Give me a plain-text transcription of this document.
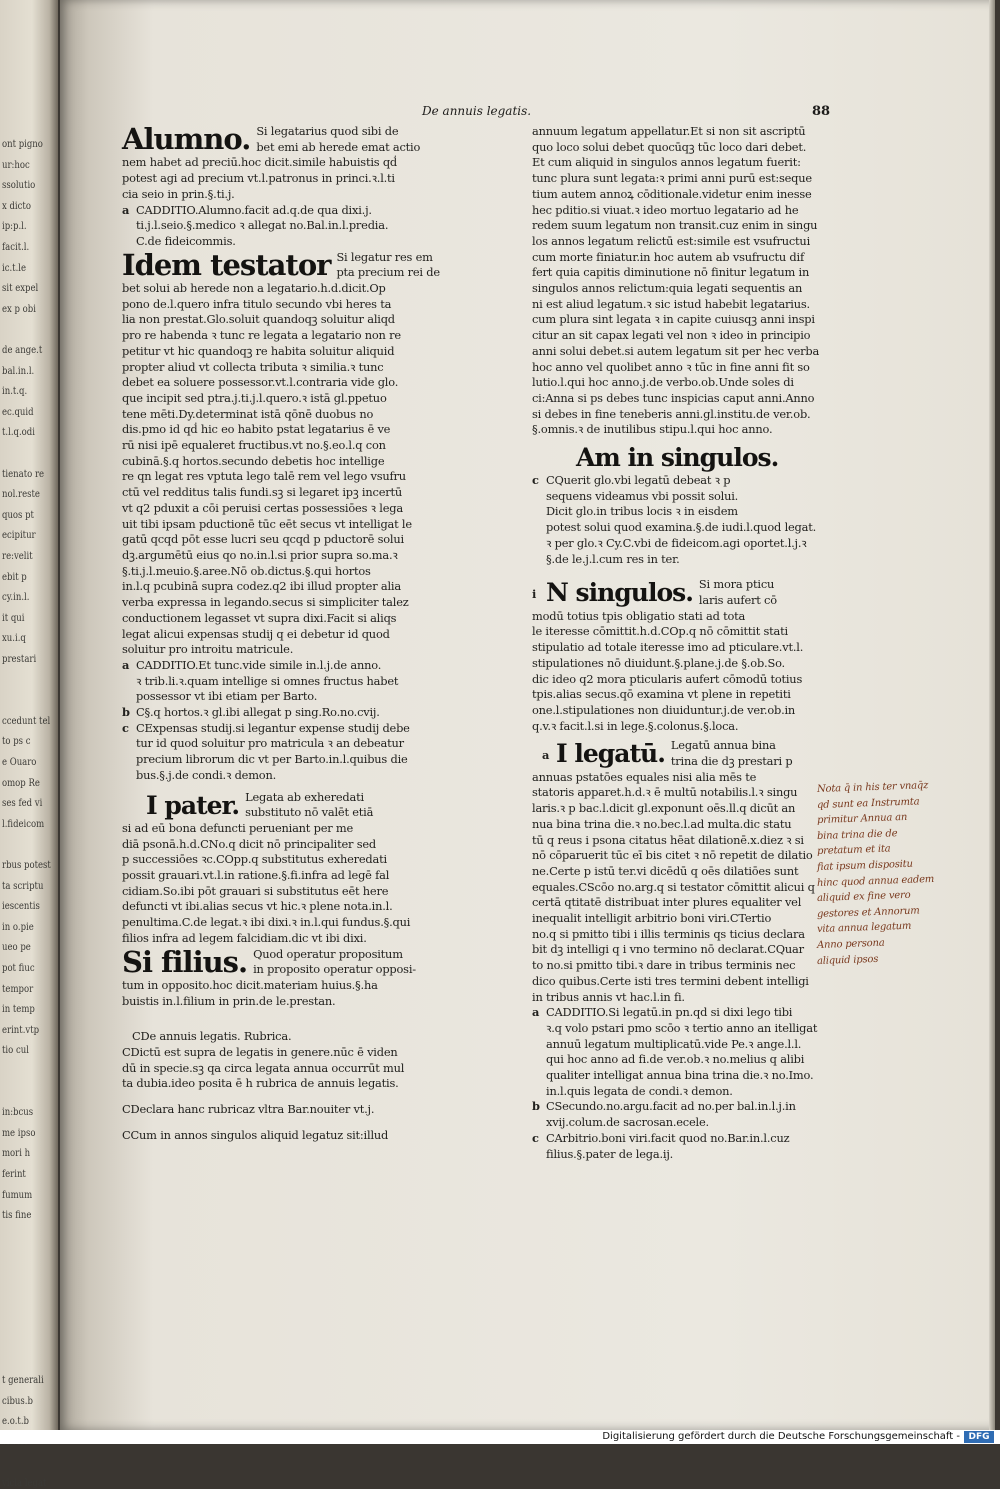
ont pigno
ur:hoc
ssolutio
x dicto
ip:p.l.
facit.l.
ic.t.le
sit expel
ex p obi
de ange.t
bal.in.l.
in.t.q.
ec.quid
t.l.q.odi
tienato re
nol.reste
quos pt
ecipitur
re:velit
ebit p
cy.in.l.
it qui
xu.i.q
prestari
ccedunt tel
to ps c
e Ouaro
omop Re
ses fed vi
l.fideicom
rbus potest
ta scriptu
iescentis
in o.pie
ueo pe
pot fiuc
tempor
in temp
erint.vtp
tio cul
in:bcus
me ipso
mori h
ferint
fumum
tis fine
t generali
cibus.b
e.o.t.b
vicia legat
De annuis legatis.	88
Alumno. Si legatarius quod sibi de
bet emi ab herede emat actio
nem habet ad preciū.hoc dicit.simile habuistis qḋ
potest agi ad precium vt.l.patronus in princi.ꝛ.l.ti
cia seio in prin.§.ti.j.
a CADDITIO.Alumno.facit ad.q.de qua dixi.j.
ti.j.l.seio.§.medico ꝛ allegat no.Bal.in.l.predia.
C.de fideicommis.
Idem testator Si legatur res em
pta precium rei de
bet solui ab herede non a legatario.h.d.dicit.Op
pono de.l.quero infra titulo secundo vbi heres ta
lia non prestat.Glo.soluit quandoqꝫ soluitur aliqd
pro re habenda ꝛ tunc re legata a legatario non re
petitur vt hic quandoqꝫ re habita soluitur aliquid
propter aliud vt collecta tributa ꝛ similia.ꝛ tunc
debet ea soluere possessor.vt.l.contraria vide glo.
que incipit sed ptra.j.ti.j.l.quero.ꝛ istā gl.ppetuo
tene mēti.Dy.determinat istā qōnē duobus no
dis.pmo id qḋ hic eo habito pstat legatarius ē ve
rū nisi ipē equaleret fructibus.vt no.§.eo.l.q con
cubinā.§.q hortos.secundo debetis hoc intellige
re qn legat res vptuta lego talē rem vel lego vsufru
ctū vel redditus talis fundi.sꝫ si legaret ipꝫ incertū
vt q2 pduxit a cōi peruisi certas possessiōes ꝛ lega
uit tibi ipsam pductionē tūc eēt secus vt intelligat le
gatū qcqd pōt esse lucri seu qcqd p pductorē solui
dꝫ.argumētū eius qo no.in.l.si prior supra so.ma.ꝛ
§.ti.j.l.meuio.§.aree.Nō ob.dictus.§.qui hortos
in.l.q pcubinā supra codez.q2 ibi illud propter alia
verba expressa in legando.secus si simpliciter talez
conductionem legasset vt supra dixi.Facit si aliqs
legat alicui expensas studij q ei debetur id quod
soluitur pro introitu matricule.
a CADDITIO.Et tunc.vide simile in.l.j.de anno.
ꝛ trib.li.ꝛ.quam intellige si omnes fructus habet
possessor vt ibi etiam per Barto.
b C§.q hortos.ꝛ gl.ibi allegat p sing.Ro.no.cvij.
c CExpensas studij.si legantur expense studij debe
tur id quod soluitur pro matricula ꝛ an debeatur
precium librorum dic vt per Barto.in.l.quibus die
bus.§.j.de condi.ꝛ demon.
I pater. Legata ab exheredati
substituto nō valēt etiā
si ad eū bona defuncti perueniant per me
diā psonā.h.d.CNo.q dicit nō principaliter sed
p successiōes ꝛc.COpp.q substitutus exheredati
possit grauari.vt.l.in ratione.§.fi.infra ad legē fal
cidiam.So.ibi pōt grauari si substitutus eēt here
defuncti vt ibi.alias secus vt hic.ꝛ plene nota.in.l.
penultima.C.de legat.ꝛ ibi dixi.ꝛ in.l.qui fundus.§.qui
filios infra ad legem falcidiam.dic vt ibi dixi.
Si filius. Quod operatur propositum
in proposito operatur opposi-
tum in opposito.hoc dicit.materiam huius.§.ha
buistis in.l.filium in prin.de le.prestan.
CDe annuis legatis. Rubrica.
CDictū est supra de legatis in genere.nūc ē viden
dū in specie.sꝫ qa circa legata annua occurrūt mul
ta dubia.ideo posita ē h rubrica de annuis legatis.
CDeclara hanc rubricaz vltra Bar.nouiter vt.j.
CCum in annos singulos aliquid legatuz sit:illud
annuum legatum appellatur.Et si non sit ascriptū
quo loco solui debet quocūqꝫ tūc loco dari debet.
Et cum aliquid in singulos annos legatum fuerit:
tunc plura sunt legata:ꝛ primi anni purū est:seque
tium autem annoꝝ cōditionale.videtur enim inesse
hec pditio.si viuat.ꝛ ideo mortuo legatario ad he
redem suum legatum non transit.cuz enim in singu
los annos legatum relictū est:simile est vsufructui
cum morte finiatur.in hoc autem ab vsufructu dif
fert quia capitis diminutione nō finitur legatum in
singulos annos relictum:quia legati sequentis an
ni est aliud legatum.ꝛ sic istud habebit legatarius.
cum plura sint legata ꝛ in capite cuiusqꝫ anni inspi
citur an sit capax legati vel non ꝛ ideo in principio
anni solui debet.si autem legatum sit per hec verba
hoc anno vel quolibet anno ꝛ tūc in fine anni fit so
lutio.l.qui hoc anno.j.de verbo.ob.Unde soles di
ci:Anna si ps debes tunc inspicias caput anni.Anno
si debes in fine teneberis anni.gl.institu.de ver.ob.
§.omnis.ꝛ de inutilibus stipu.l.qui hoc anno.
Am in singulos.
c CQuerit glo.vbi legatū debeat ꝛ p
sequens videamus vbi possit solui.
Dicit glo.in tribus locis ꝛ in eisdem
potest solui quod examina.§.de iudi.l.quod legat.
ꝛ per glo.ꝛ Cy.C.vbi de fideicom.agi oportet.l.j.ꝛ
§.de le.j.l.cum res in ter.
i N singulos. Si mora pticu
laris aufert cō
modū totius tpis obligatio stati ad tota
le iteresse cōmittit.h.d.COp.q nō cōmittit stati
stipulatio ad totale iteresse imo ad pticulare.vt.l.
stipulationes nō diuidunt.§.plane.j.de §.ob.So.
dic ideo q2 mora pticularis aufert cōmodū totius
tpis.alias secus.qō examina vt plene in repetiti
one.l.stipulationes non diuiduntur.j.de ver.ob.in
q.v.ꝛ facit.l.si in lege.§.colonus.§.loca.
a I legatū. Legatū annua bina
trina die dꝫ prestari p
annuas pstatōes equales nisi alia mēs te
statoris apparet.h.d.ꝛ ē multū notabilis.l.ꝛ singu
laris.ꝛ p bac.l.dicit gl.exponunt oēs.ll.q dicūt an
nua bina trina die.ꝛ no.bec.l.ad multa.dic statu
tū q reus i psona citatus hēat dilationē.x.diez ꝛ si
nō cōparuerit tūc eī bis citet ꝛ nō repetit de dilatio
ne.Certe p istū ter.vi dicēdū q oēs dilatiōes sunt
equales.CScōo no.arg.q si testator cōmittit alicui q
certā qtitatē distribuat inter plures equaliter vel
inequalit intelligit arbitrio boni viri.CTertio
no.q si pmitto tibi i illis terminis qs ticius declara
bit dꝫ intelligi q i vno termino nō declarat.CQuar
to no.si pmitto tibi.ꝛ dare in tribus terminis nec
dico quibus.Certe isti tres termini debent intelligi
in tribus annis vt hac.l.in fi.
a CADDITIO.Si legatū.in pn.qd si dixi lego tibi
ꝛ.q volo pstari pmo scōo ꝛ tertio anno an itelligat
annuū legatum multiplicatū.vide Pe.ꝛ ange.l.l.
qui hoc anno ad fi.de ver.ob.ꝛ no.melius q alibi
qualiter intelligat annua bina trina die.ꝛ no.Imo.
in.l.quis legata de condi.ꝛ demon.
b CSecundo.no.argu.facit ad no.per bal.in.l.j.in
xvij.colum.de sacrosan.ecele.
c CArbitrio.boni viri.facit quod no.Bar.in.l.cuz
filius.§.pater de lega.ij.
Nota q̄ in his ter vnaq̄z
qd sunt ea Instrumta
primitur Annua an
bina trina die de
pretatum et ita
fiat ipsum dispositu
hinc quod annua eadem
aliquid ex fine vero
gestores et Annorum
vita annua legatum
Anno persona
aliquid ipsos
Digitalisierung gefördert durch die Deutsche Forschungsgemeinschaft - DFG
